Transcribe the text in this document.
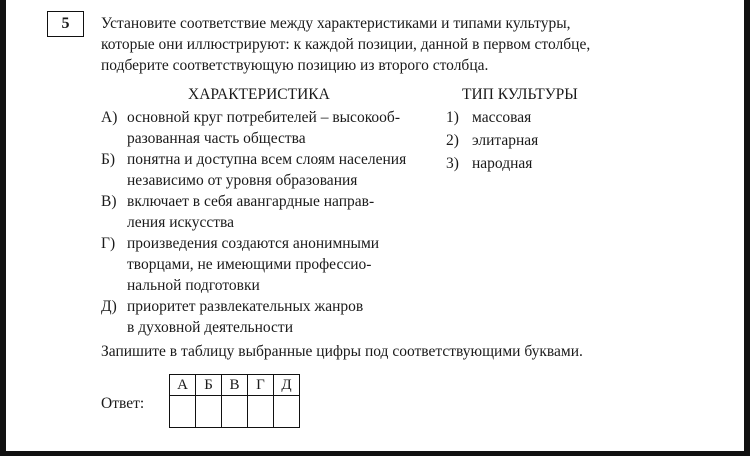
5	Установите соответствие между характеристиками и типами культуры,

которые они иллюстрируют: к каждой позиции, данной в первом столбце,

подберите соответствующую позицию из второго столбца.

ХАРАКТЕРИСТИКА	ТИП КУЛЬТУРЫ
А) основной круг потребителей – высокооб-
разованная часть общества
Б) понятна и доступна всем слоям населения
независимо от уровня образования
В) включает в себя авангардные направ-
ления искусства
Г) произведения создаются анонимными
творцами, не имеющими профессио-
нальной подготовки
Д) приоритет развлекательных жанров
в духовной деятельности
1) массовая
2) элитарная
3) народная
Запишите в таблицу выбранные цифры под соответствующими буквами.
Ответ:
А	Б	В	Г	Д
